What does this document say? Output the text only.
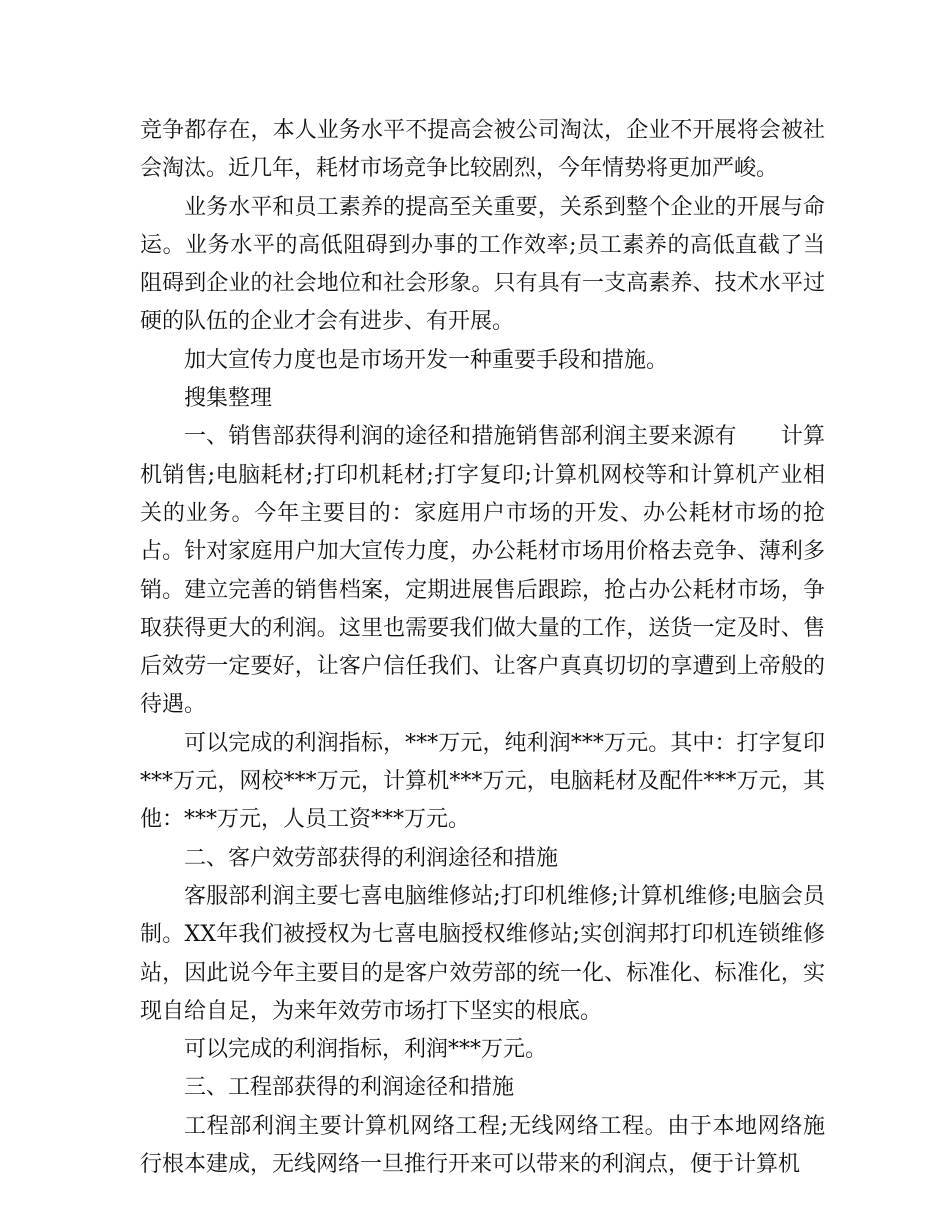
竞争都存在，本人业务水平不提高会被公司淘汰，企业不开展将会被社会淘汰。近几年，耗材市场竞争比较剧烈，今年情势将更加严峻。

业务水平和员工素养的提高至关重要，关系到整个企业的开展与命运。业务水平的高低阻碍到办事的工作效率;员工素养的高低直截了当阻碍到企业的社会地位和社会形象。只有具有一支高素养、技术水平过硬的队伍的企业才会有进步、有开展。

加大宣传力度也是市场开发一种重要手段和措施。

搜集整理

一、销售部获得利润的途径和措施销售部利润主要来源有　　计算机销售;电脑耗材;打印机耗材;打字复印;计算机网校等和计算机产业相关的业务。今年主要目的：家庭用户市场的开发、办公耗材市场的抢占。针对家庭用户加大宣传力度，办公耗材市场用价格去竞争、薄利多销。建立完善的销售档案，定期进展售后跟踪，抢占办公耗材市场，争取获得更大的利润。这里也需要我们做大量的工作，送货一定及时、售后效劳一定要好，让客户信任我们、让客户真真切切的享遭到上帝般的待遇。

可以完成的利润指标，***万元，纯利润***万元。其中：打字复印***万元，网校***万元，计算机***万元，电脑耗材及配件***万元，其他：***万元，人员工资***万元。

二、客户效劳部获得的利润途径和措施

客服部利润主要七喜电脑维修站;打印机维修;计算机维修;电脑会员制。XX年我们被授权为七喜电脑授权维修站;实创润邦打印机连锁维修站，因此说今年主要目的是客户效劳部的统一化、标准化、标准化，实现自给自足，为来年效劳市场打下坚实的根底。

可以完成的利润指标，利润***万元。

三、工程部获得的利润途径和措施

工程部利润主要计算机网络工程;无线网络工程。由于本地网络施行根本建成，无线网络一旦推行开来可以带来的利润点，便于计算机
